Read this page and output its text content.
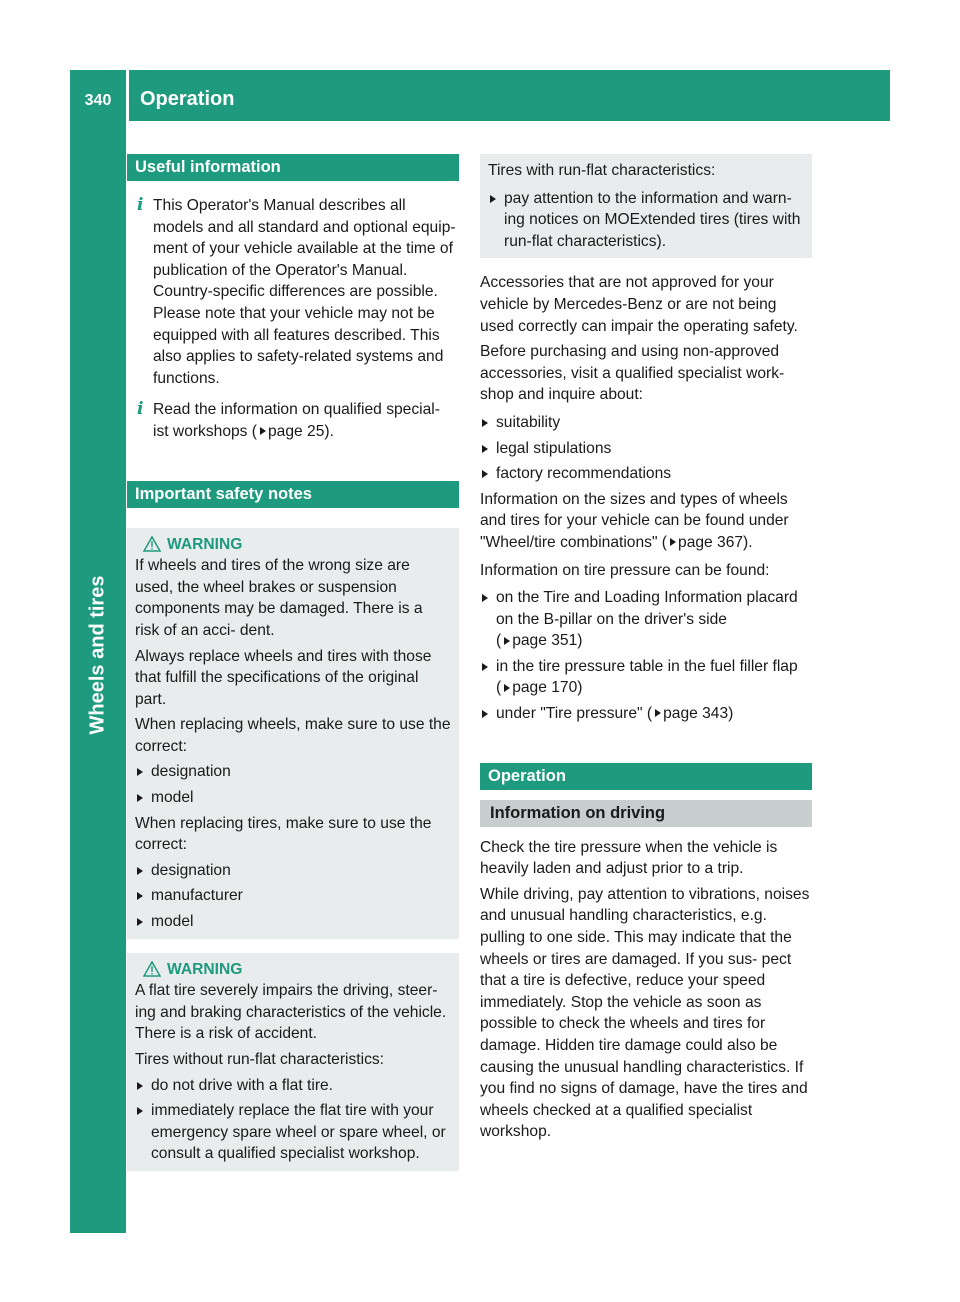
340	Operation
Wheels and tires
Useful information
i This Operator's Manual describes all models and all standard and optional equip- ment of your vehicle available at the time of publication of the Operator's Manual. Country-specific differences are possible. Please note that your vehicle may not be equipped with all features described. This also applies to safety-related systems and functions.

i Read the information on qualified special- ist workshops ( page 25).

Important safety notes
WARNING

If wheels and tires of the wrong size are used, the wheel brakes or suspension components may be damaged. There is a risk of an acci- dent.

Always replace wheels and tires with those that fulfill the specifications of the original part.

When replacing wheels, make sure to use the correct:

designation

model

When replacing tires, make sure to use the correct:

designation

manufacturer

model

WARNING

A flat tire severely impairs the driving, steer- ing and braking characteristics of the vehicle. There is a risk of accident.

Tires without run-flat characteristics:

do not drive with a flat tire.

immediately replace the flat tire with your emergency spare wheel or spare wheel, or consult a qualified specialist workshop.

Tires with run-flat characteristics:

pay attention to the information and warn- ing notices on MOExtended tires (tires with run-flat characteristics).

Accessories that are not approved for your vehicle by Mercedes-Benz or are not being used correctly can impair the operating safety.

Before purchasing and using non-approved accessories, visit a qualified specialist work- shop and inquire about:

suitability

legal stipulations

factory recommendations

Information on the sizes and types of wheels and tires for your vehicle can be found under "Wheel/tire combinations" ( page 367).

Information on tire pressure can be found:

on the Tire and Loading Information placard on the B-pillar on the driver's side
( page 351)

in the tire pressure table in the fuel filler flap
( page 170)

under "Tire pressure" ( page 343)

Operation
Information on driving

Check the tire pressure when the vehicle is heavily laden and adjust prior to a trip.

While driving, pay attention to vibrations, noises and unusual handling characteristics, e.g. pulling to one side. This may indicate that the wheels or tires are damaged. If you sus- pect that a tire is defective, reduce your speed immediately. Stop the vehicle as soon as possible to check the wheels and tires for damage. Hidden tire damage could also be causing the unusual handling characteristics. If you find no signs of damage, have the tires and wheels checked at a qualified specialist workshop.
